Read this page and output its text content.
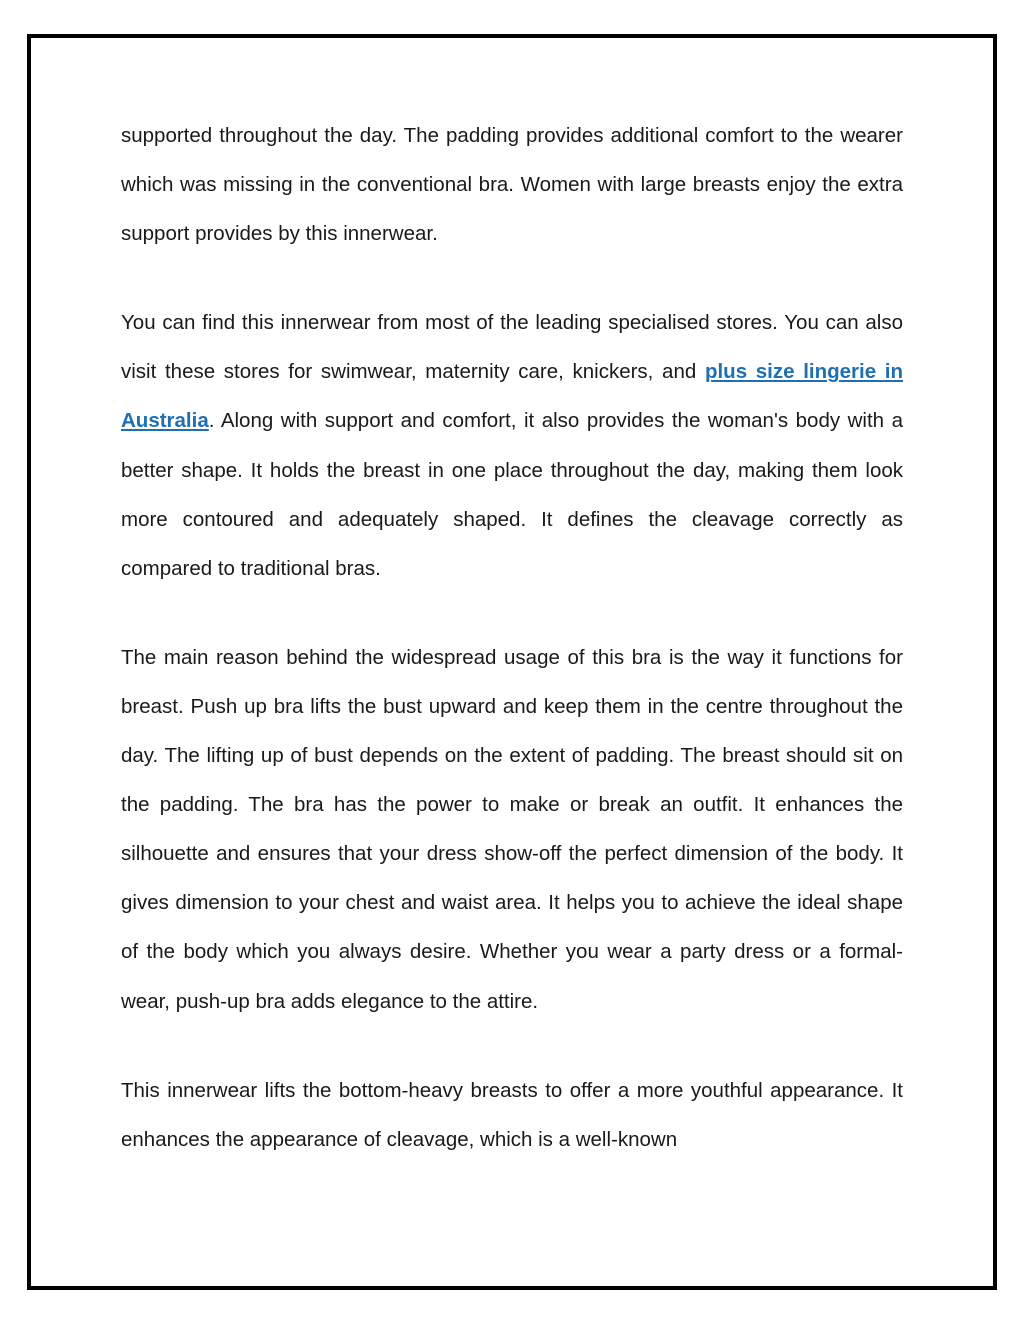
supported throughout the day. The padding provides additional comfort to the wearer which was missing in the conventional bra. Women with large breasts enjoy the extra support provides by this innerwear.

You can find this innerwear from most of the leading specialised stores. You can also visit these stores for swimwear, maternity care, knickers, and plus size lingerie in Australia. Along with support and comfort, it also provides the woman's body with a better shape. It holds the breast in one place throughout the day, making them look more contoured and adequately shaped. It defines the cleavage correctly as compared to traditional bras.

The main reason behind the widespread usage of this bra is the way it functions for breast. Push up bra lifts the bust upward and keep them in the centre throughout the day. The lifting up of bust depends on the extent of padding. The breast should sit on the padding. The bra has the power to make or break an outfit. It enhances the silhouette and ensures that your dress show-off the perfect dimension of the body. It gives dimension to your chest and waist area. It helps you to achieve the ideal shape of the body which you always desire. Whether you wear a party dress or a formal-wear, push-up bra adds elegance to the attire.

This innerwear lifts the bottom-heavy breasts to offer a more youthful appearance. It enhances the appearance of cleavage, which is a well-known
